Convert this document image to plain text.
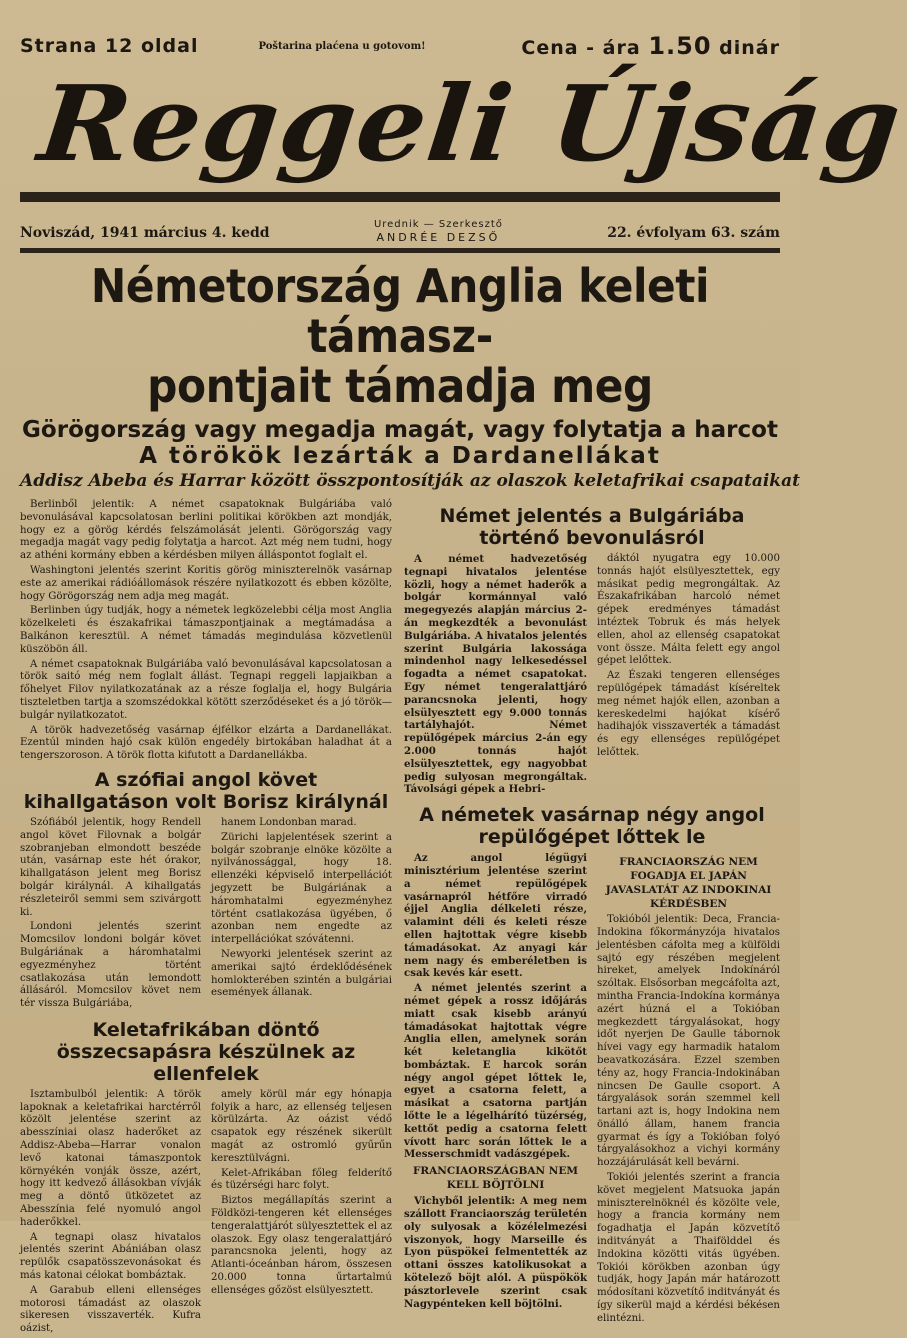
Strana 12 oldal	Poštarina plaćena u gotovom!	Cena - ára 1.50 dinár
Reggeli Újság
Noviszád, 1941 március 4. kedd
Urednik — Szerkesztő
ANDRÉE DEZSŐ	22. évfolyam 63. szám
Németország Anglia keleti támasz-
pontjait támadja meg
Görögország vagy megadja magát, vagy folytatja a harcot
A törökök lezárták a Dardanellákat
Addisz Abeba és Harrar között összpontosítják az olaszok keletafrikai csapataikat

Berlinből jelentik: A német csapatoknak Bulgáriába való bevonulásával kapcsolatosan berlini politikai körökben azt mondják, hogy ez a görög kérdés felszámolását jelenti. Görögország vagy megadja magát vagy pedig folytatja a harcot. Azt még nem tudni, hogy az athéni kormány ebben a kérdésben milyen álláspontot foglalt el.

Washingtoni jelentés szerint Koritis görög miniszterelnök vasárnap este az amerikai rádióállomások részére nyilatkozott és ebben közölte, hogy Görögország nem adja meg magát.

Berlinben úgy tudják, hogy a németek legközelebbi célja most Anglia közelkeleti és északafrikai támaszpontjainak a megtámadása a Balkánon keresztül. A német támadás megindulása közvetlenül küszöbön áll.

A német csapatoknak Bulgáriába való bevonulásával kapcsolatosan a török saitó még nem foglalt állást. Tegnapi reggeli lapjaikban a főhelyet Filov nyilatkozatának az a része foglalja el, hogy Bulgária tiszteletben tartja a szomszédokkal kötött szerződéseket és a jó török—bulgár nyilatkozatot.

A török hadvezetőség vasárnap éjfélkor elzárta a Dardanellákat. Ezentúl minden hajó csak külön engedély birtokában haladhat át a tengerszoroson. A török flotta kifutott a Dardanellákba.

A szófiai angol követ kihallgatáson volt Borisz királynál

Szófiából jelentik, hogy Rendell angol követ Filovnak a bolgár szobranjeban elmondott beszéde után, vasárnap este hét órakor, kihallgatáson jelent meg Borisz bolgár királynál. A kihallgatás részleteiről semmi sem szivárgott ki.

Londoni jelentés szerint Momcsilov londoni bolgár követ Bulgáriának a háromhatalmi egyezményhez történt csatlakozása után lemondott állásáról. Momcsilov követ nem tér vissza Bulgáriába,

hanem Londonban marad.

Zürichi lapjelentések szerint a bolgár szobranje elnöke közölte a nyilvánossággal, hogy 18. ellenzéki képviselő interpellációt jegyzett be Bulgáriának a háromhatalmi egyezményhez történt csatlakozása ügyében, ő azonban nem engedte az interpellációkat szóvátenni.

Newyorki jelentések szerint az amerikai sajtó érdeklődésének homlokterében szintén a bulgáriai események állanak.

Keletafrikában döntő összecsapásra készülnek az ellenfelek

Isztambulból jelentik: A török lapoknak a keletafrikai harctérről közölt jelentése szerint az abesszíniai olasz haderőket az Addisz-Abeba—Harrar vonalon levő katonai támaszpontok környékén vonják össze, azért, hogy itt kedvező állásokban vívják meg a döntő ütközetet az Abesszínia felé nyomuló angol haderőkkel.

A tegnapi olasz hivatalos jelentés szerint Abániában olasz repülők csapatösszevonásokat és más katonai célokat bombáztak.

A Garabub elleni ellenséges motorosi támadást az olaszok sikeresen visszaverték. Kufra oázist,

amely körül már egy hónapja folyik a harc, az ellenség teljesen körülzárta. Az oázist védő csapatok egy részének sikerült magát az ostromló gyűrűn keresztülvágni.

Kelet-Afrikában főleg felderítő és tüzérségi harc folyt.

Biztos megállapítás szerint a Földközi-tengeren két ellenséges tengeralattjárót sülyesztettek el az olaszok. Egy olasz tengeralattjáró parancsnoka jelenti, hogy az Atlanti-óceánban három, összesen 20.000 tonna űrtartalmú ellenséges gőzöst elsülyesztett.

Német jelentés a Bulgáriába történő bevonulásról

A német hadvezetőség tegnapi hivatalos jelentése közli, hogy a német haderők a bolgár kormánnyal való megegyezés alapján március 2-án megkezdték a bevonulást Bulgáriába. A hivatalos jelentés szerint Bulgária lakossága mindenhol nagy lelkesedéssel fogadta a német csapatokat. Egy német tengeralattjáró parancsnoka jelenti, hogy elsülyesztett egy 9.000 tonnás tartályhajót. Német repülőgépek március 2-án egy 2.000 tonnás hajót elsülyesztettek, egy nagyobbat pedig sulyosan megrongáltak. Távolsági gépek a Hebri-

dáktól nyugatra egy 10.000 tonnás hajót elsülyesztettek, egy másikat pedig megrongáltak. Az Északafrikában harcoló német gépek eredményes támadást intéztek Tobruk és más helyek ellen, ahol az ellenség csapatokat vont össze. Málta felett egy angol gépet lelőttek.

Az Északi tengeren ellenséges repülőgépek támadást kíséreltek meg német hajók ellen, azonban a kereskedelmi hajókat kísérő hadihajók visszaverték a támadást és egy ellenséges repülőgépet lelőttek.

A németek vasárnap négy angol repülőgépet lőttek le

Az angol légügyi minisztérium jelentése szerint a német repülőgépek vasárnapról hétfőre virradó éjjel Anglia délkeleti része, valamint déli és keleti része ellen hajtottak végre kisebb támadásokat. Az anyagi kár nem nagy és emberéletben is csak kevés kár esett.

A német jelentés szerint a német gépek a rossz időjárás miatt csak kisebb arányú támadásokat hajtottak végre Anglia ellen, amelynek során két keletanglia kikötőt bombáztak. E harcok során négy angol gépet lőttek le, egyet a csatorna felett, a másikat a csatorna partján lőtte le a légelhárító tüzérség, kettőt pedig a csatorna felett vívott harc során lőttek le a Messerschmidt vadászgépek.

FRANCIAORSZÁGBAN NEM KELL BÖJTÖLNI

Vichyből jelentik: A meg nem szállott Franciaország területén oly sulyosak a közélelmezési viszonyok, hogy Marseille és Lyon püspökei felmentették az ottani összes katolikusokat a kötelező böjt alól. A püspökök pásztorlevele szerint csak Nagypénteken kell böjtölni.

FRANCIAORSZÁG NEM FOGADJA EL JAPÁN JAVASLATÁT AZ INDOKINAI KÉRDÉSBEN

Tokióból jelentik: Deca, Francia-Indokina főkormányzója hivatalos jelentésben cáfolta meg a külföldi sajtó egy részében megjelent hireket, amelyek Indokínáról szóltak. Elsősorban megcáfolta azt, mintha Francia-Indokína kormánya azért húzná el a Tokióban megkezdett tárgyalásokat, hogy időt nyerjen De Gaulle tábornok hívei vagy egy harmadik hatalom beavatkozására. Ezzel szemben tény az, hogy Francia-Indokinában nincsen De Gaulle csoport. A tárgyalások során szemmel kell tartani azt is, hogy Indokina nem önálló állam, hanem francia gyarmat és így a Tokióban folyó tárgyalásokhoz a vichyi kormány hozzájárulását kell bevárni.

Tokiói jelentés szerint a francia követ megjelent Matsuoka japán miniszterelnöknél és közölte vele, hogy a francia kormány nem fogadhatja el Japán közvetítő inditványát a Thaifölddel és Indokina közötti vitás ügyében. Tokiói körökben azonban úgy tudják, hogy Japán már határozott módosítani közvetítő inditványát és így sikerül majd a kérdési békésen elintézni.
